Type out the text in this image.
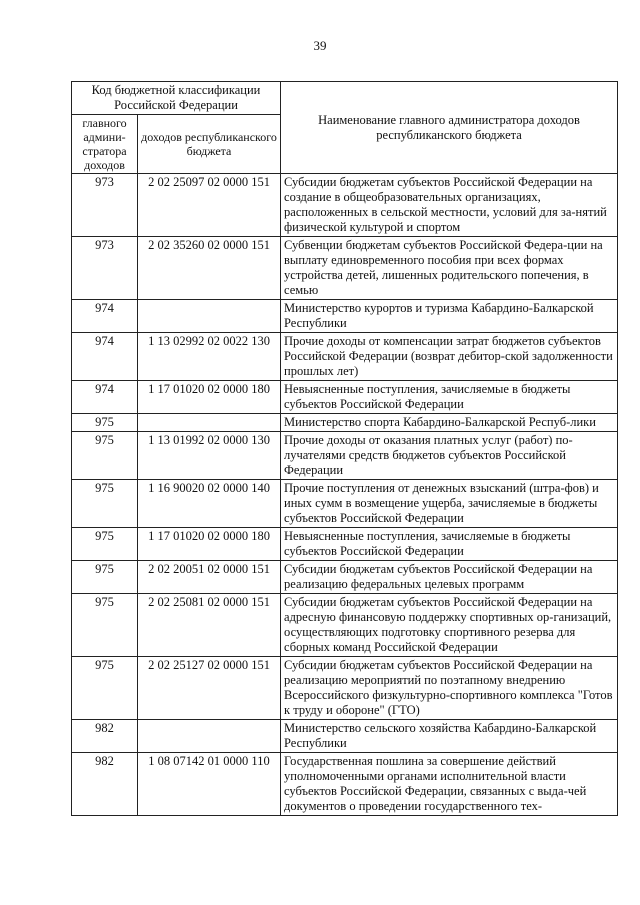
39
Код бюджетной классификации Российской Федерации		Наименование главного администратора доходов республиканского бюджета
главного админи-стратора доходов	доходов республиканского бюджета	
973	2 02 25097 02 0000 151	Субсидии бюджетам субъектов Российской Федерации на создание в общеобразовательных организациях, расположенных в сельской местности, условий для за-нятий физической культурой и спортом
973	2 02 35260 02 0000 151	Субвенции бюджетам субъектов Российской Федера-ции на выплату единовременного пособия при всех формах устройства детей, лишенных родительского попечения, в семью
974		Министерство курортов и туризма Кабардино-Балкарской Республики
974	1 13 02992 02 0022 130	Прочие доходы от компенсации затрат бюджетов субъектов Российской Федерации (возврат дебитор-ской задолженности прошлых лет)
974	1 17 01020 02 0000 180	Невыясненные поступления, зачисляемые в бюджеты субъектов Российской Федерации
975		Министерство спорта Кабардино-Балкарской Респуб-лики
975	1 13 01992 02 0000 130	Прочие доходы от оказания платных услуг (работ) по-лучателями средств бюджетов субъектов Российской Федерации
975	1 16 90020 02 0000 140	Прочие поступления от денежных взысканий (штра-фов) и иных сумм в возмещение ущерба, зачисляемые в бюджеты субъектов Российской Федерации
975	1 17 01020 02 0000 180	Невыясненные поступления, зачисляемые в бюджеты субъектов Российской Федерации
975	2 02 20051 02 0000 151	Субсидии бюджетам субъектов Российской Федерации на реализацию федеральных целевых программ
975	2 02 25081 02 0000 151	Субсидии бюджетам субъектов Российской Федерации на адресную финансовую поддержку спортивных ор-ганизаций, осуществляющих подготовку спортивного резерва для сборных команд Российской Федерации
975	2 02 25127 02 0000 151	Субсидии бюджетам субъектов Российской Федерации на реализацию мероприятий по поэтапному внедрению Всероссийского физкультурно-спортивного комплекса "Готов к труду и обороне" (ГТО)
982		Министерство сельского хозяйства Кабардино-Балкарской Республики
982	1 08 07142 01 0000 110	Государственная пошлина за совершение действий уполномоченными органами исполнительной власти субъектов Российской Федерации, связанных с выда-чей документов о проведении государственного тех-
